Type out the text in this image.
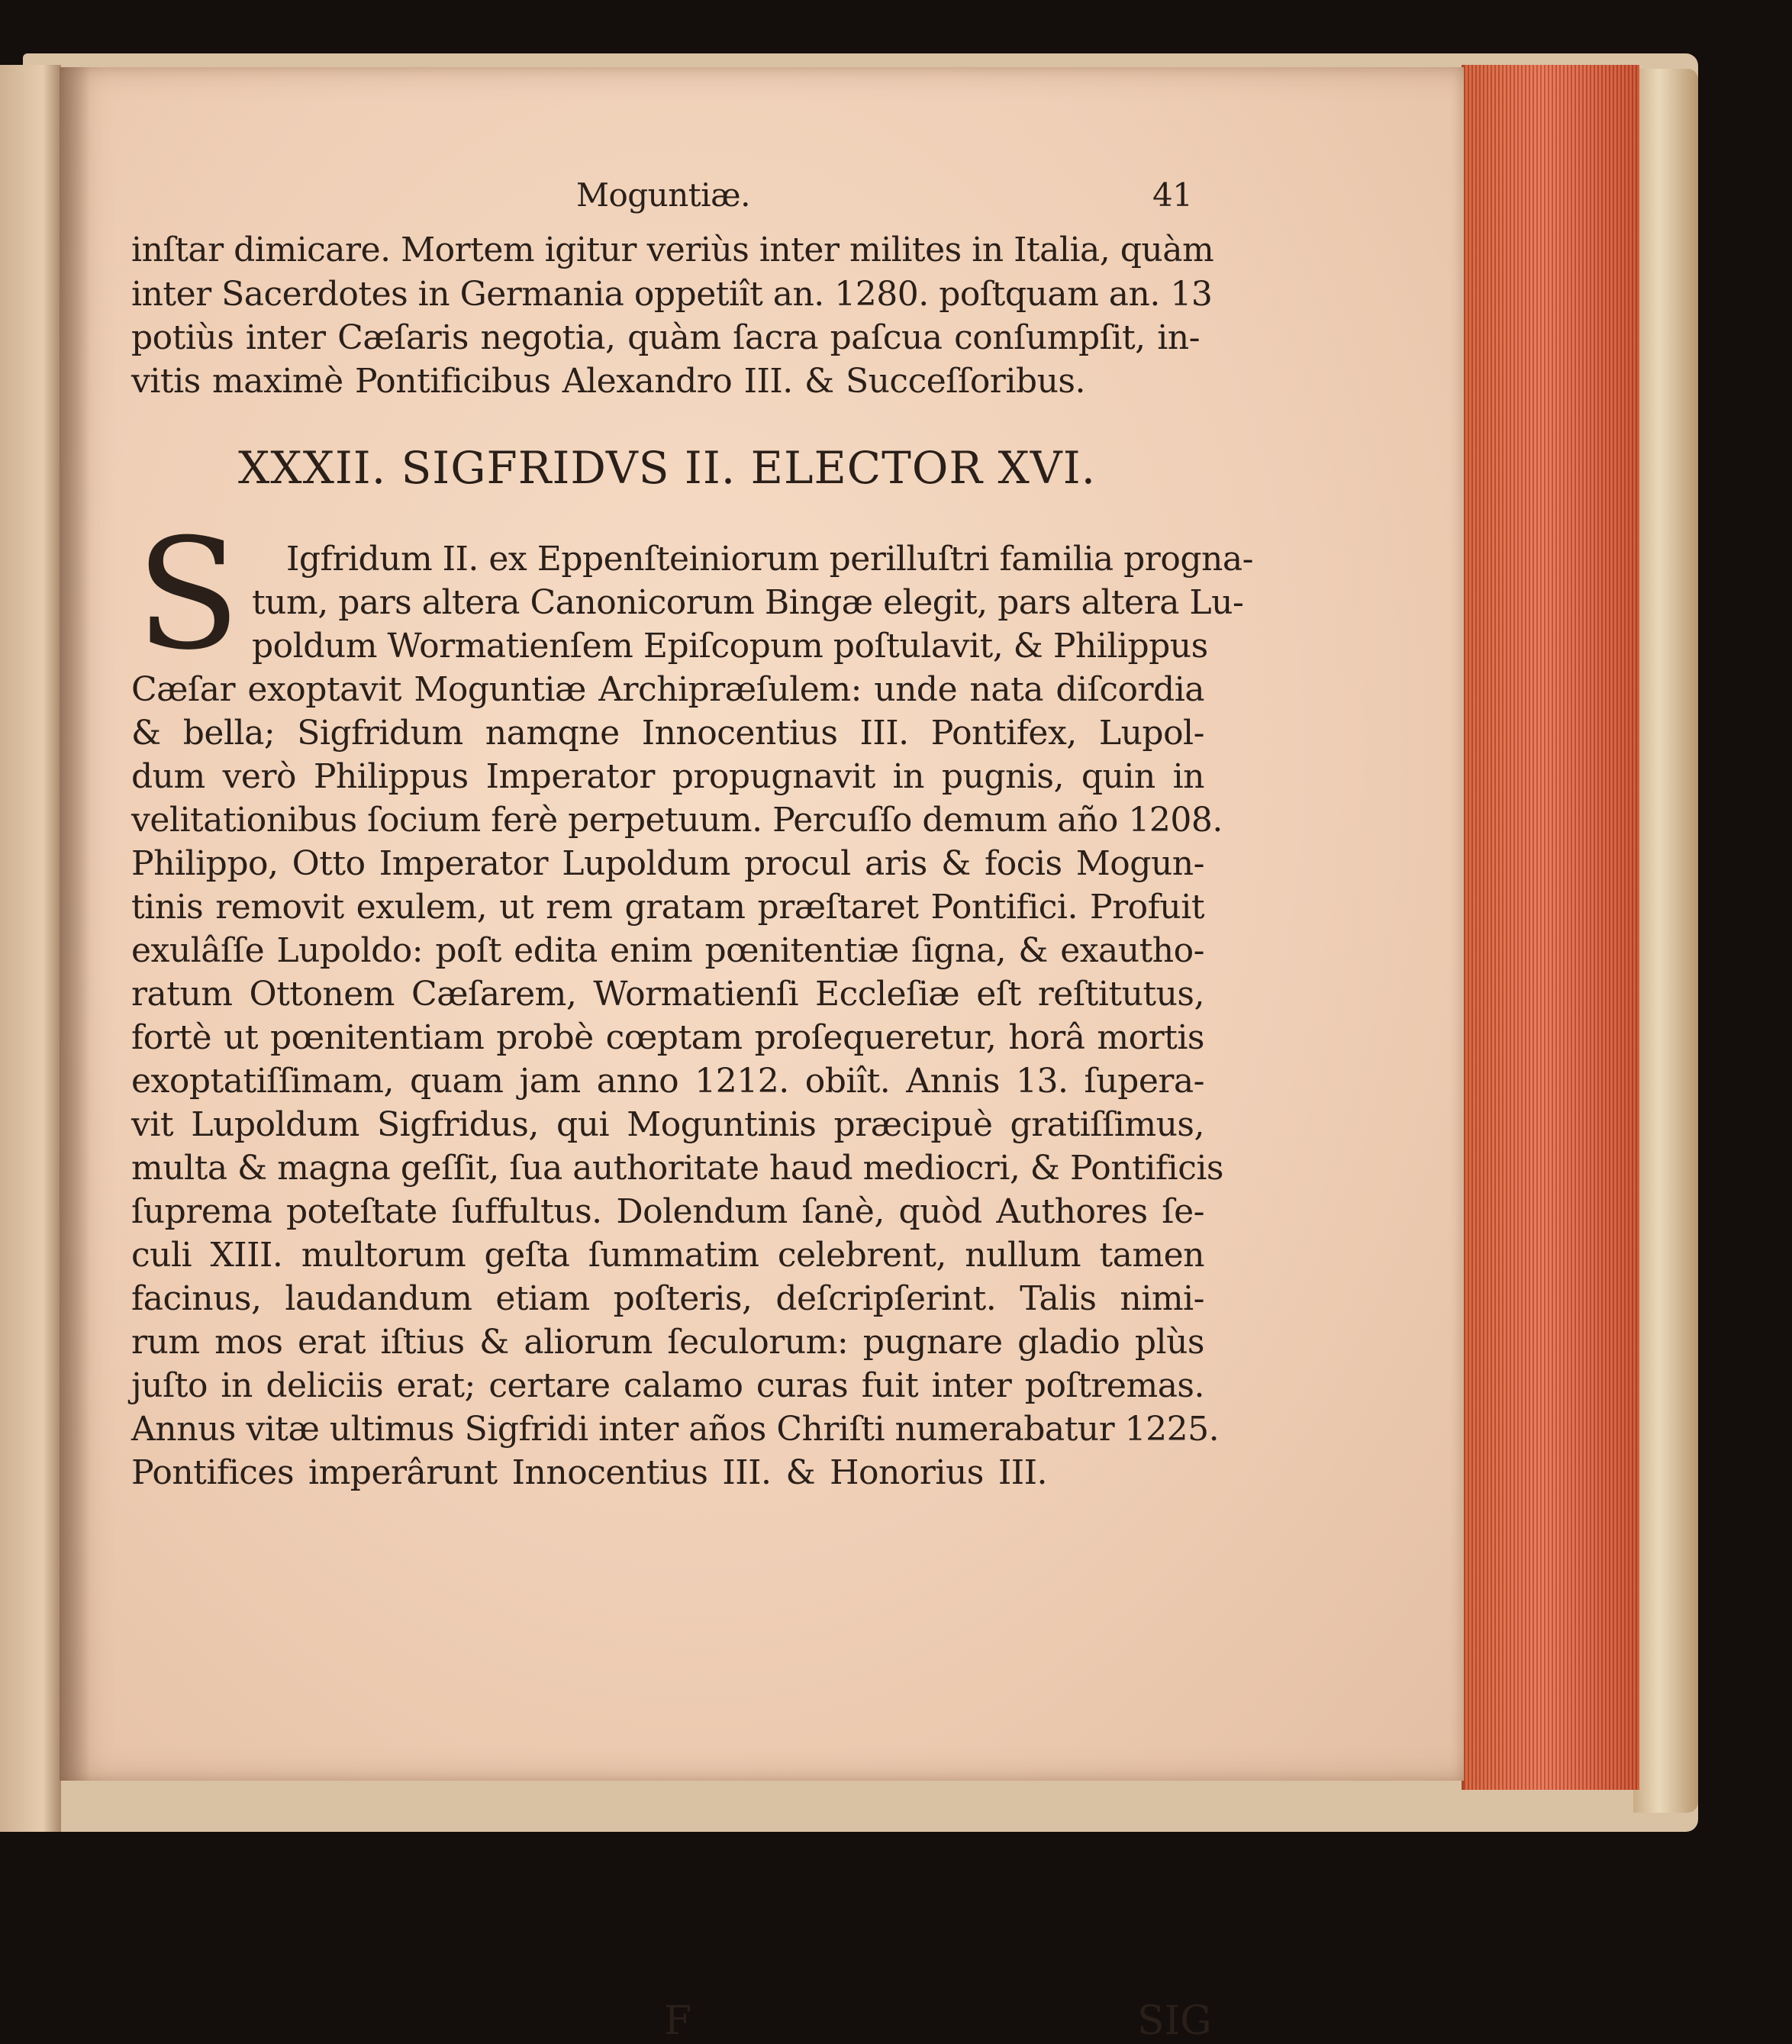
Moguntiæ.	41
inſtar dimicare. Mortem igitur veriùs inter milites in Italia, quàm
inter Sacerdotes in Germania oppetiît an. 1280. poſtquam an. 13
potiùs inter Cæſaris negotia, quàm ſacra paſcua conſumpſit, in-
vitis maximè Pontificibus Alexandro III. & Succeſſoribus.
XXXII. SIGFRIDVS II. ELECTOR XVI.
S Igfridum II. ex Eppenſteiniorum perilluſtri familia progna-
tum, pars altera Canonicorum Bingæ elegit, pars altera Lu-
poldum Wormatienſem Epiſcopum poſtulavit, & Philippus
Cæſar exoptavit Moguntiæ Archipræſulem: unde nata diſcordia
& bella; Sigfridum namqne Innocentius III. Pontifex, Lupol-
dum verò Philippus Imperator propugnavit in pugnis, quin in
velitationibus ſocium ferè perpetuum. Percuſſo demum año 1208.
Philippo, Otto Imperator Lupoldum procul aris & focis Mogun-
tinis removit exulem, ut rem gratam præſtaret Pontifici. Profuit
exulâſſe Lupoldo: poſt edita enim pœnitentiæ ſigna, & exautho-
ratum Ottonem Cæſarem, Wormatienſi Eccleſiæ eſt reſtitutus,
fortè ut pœnitentiam probè cœptam proſequeretur, horâ mortis
exoptatiſſimam, quam jam anno 1212. obiît. Annis 13. ſupera-
vit Lupoldum Sigfridus, qui Moguntinis præcipuè gratiſſimus,
multa & magna geſſit, ſua authoritate haud mediocri, & Pontificis
ſuprema poteſtate ſuffultus. Dolendum ſanè, quòd Authores ſe-
culi XIII. multorum geſta ſummatim celebrent, nullum tamen
facinus, laudandum etiam poſteris, deſcripſerint. Talis nimi-
rum mos erat iſtius & aliorum ſeculorum: pugnare gladio plùs
juſto in deliciis erat; certare calamo curas fuit inter poſtremas.
Annus vitæ ultimus Sigfridi inter años Chriſti numerabatur 1225.
Pontifices imperârunt Innocentius III. & Honorius III.
F	SIG
